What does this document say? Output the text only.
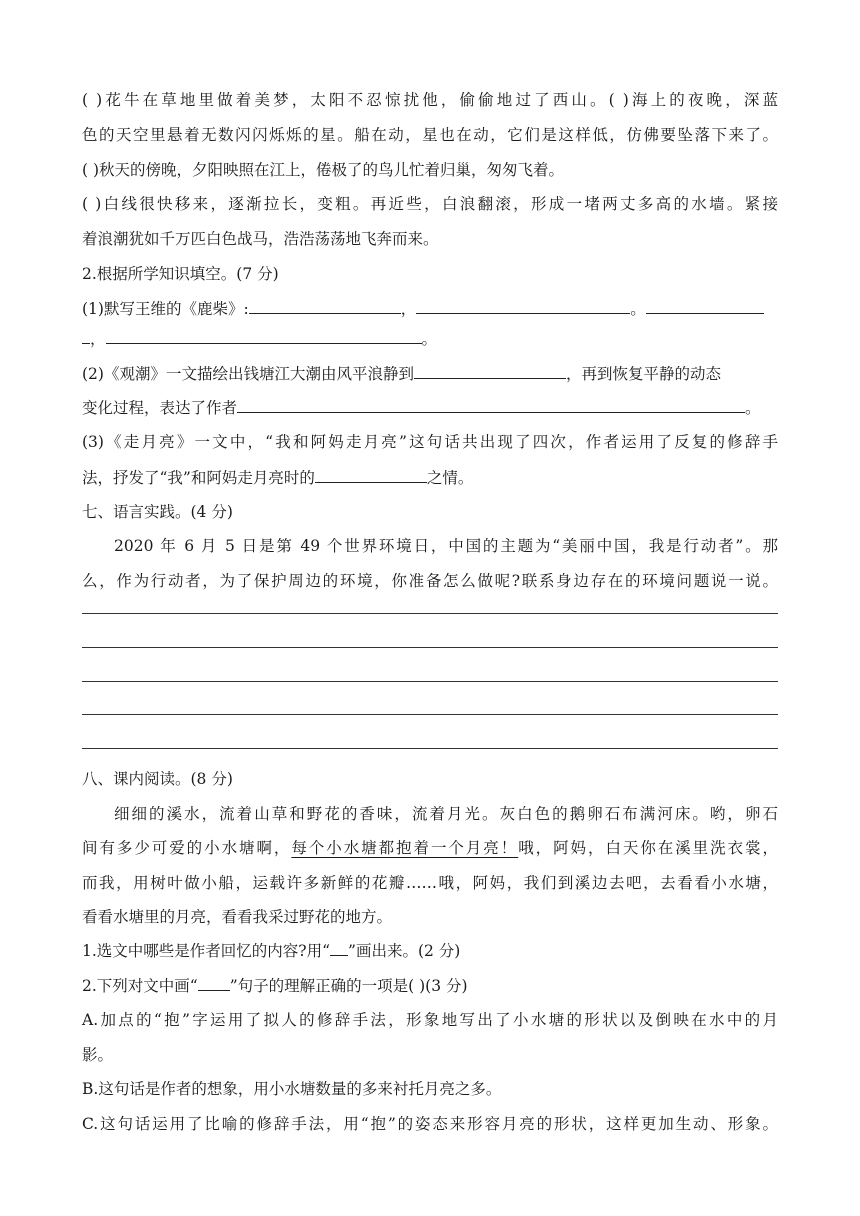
( )花牛在草地里做着美梦，太阳不忍惊扰他，偷偷地过了西山。( )海上的夜晚，深蓝
色的天空里悬着无数闪闪烁烁的星。船在动，星也在动，它们是这样低，仿佛要坠落下来了。
( )秋天的傍晚，夕阳映照在江上，倦极了的鸟儿忙着归巢，匆匆飞着。
( )白线很快移来，逐渐拉长，变粗。再近些，白浪翻滚，形成一堵两丈多高的水墙。紧接
着浪潮犹如千万匹白色战马，浩浩荡荡地飞奔而来。
2.根据所学知识填空。(7 分)
(1)默写王维的《鹿柴》:	，	。
，	。
(2)《观潮》一文描绘出钱塘江大潮由风平浪静到	，再到恢复平静的动态
变化过程，表达了作者	。
(3)《走月亮》一文中，“我和阿妈走月亮”这句话共出现了四次，作者运用了反复的修辞手
法，抒发了“我”和阿妈走月亮时的	之情。
七、语言实践。(4 分)
2020 年 6 月 5 日是第 49 个世界环境日，中国的主题为“美丽中国，我是行动者”。那
么，作为行动者，为了保护周边的环境，你准备怎么做呢?联系身边存在的环境问题说一说。
八、课内阅读。(8 分)
细细的溪水，流着山草和野花的香味，流着月光。灰白色的鹅卵石布满河床。哟，卵石
间有多少可爱的小水塘啊，每个小水塘都抱着一个月亮！哦，阿妈，白天你在溪里洗衣裳，
而我，用树叶做小船，运载许多新鲜的花瓣……哦，阿妈，我们到溪边去吧，去看看小水塘，
看看水塘里的月亮，看看我采过野花的地方。
1.选文中哪些是作者回忆的内容?用“ ”画出来。(2 分)
2.下列对文中画“ ”句子的理解正确的一项是( )(3 分)
A.加点的“抱”字运用了拟人的修辞手法，形象地写出了小水塘的形状以及倒映在水中的月
影。
B.这句话是作者的想象，用小水塘数量的多来衬托月亮之多。
C.这句话运用了比喻的修辞手法，用“抱”的姿态来形容月亮的形状，这样更加生动、形象。
